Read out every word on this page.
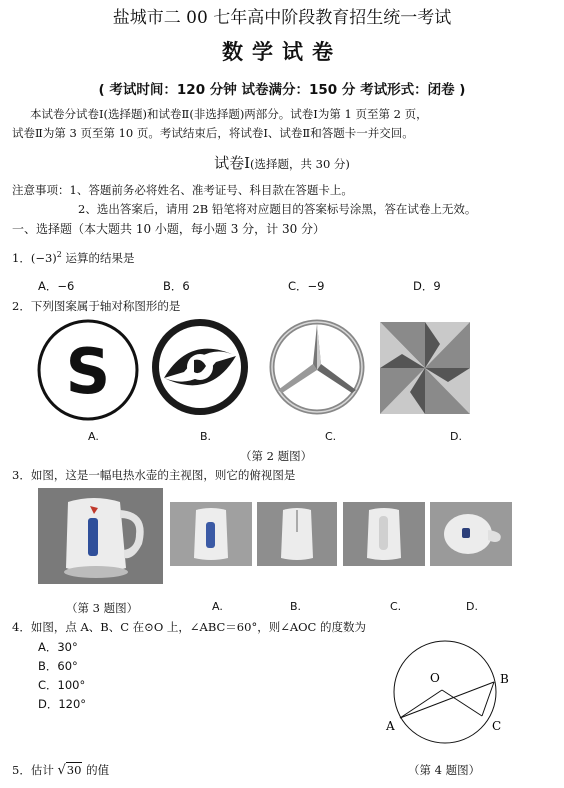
盐城市二 00 七年高中阶段教育招生统一考试
数学试卷
( 考试时间：120 分钟 试卷满分：150 分 考试形式：闭卷 )
本试卷分试卷Ⅰ(选择题)和试卷Ⅱ(非选择题)两部分。试卷Ⅰ为第 1 页至第 2 页，
试卷Ⅱ为第 3 页至第 10 页。考试结束后，将试卷Ⅰ、试卷Ⅱ和答题卡一并交回。
试卷Ⅰ(选择题，共 30 分)
注意事项：1、答题前务必将姓名、准考证号、科目款在答题卡上。
2、选出答案后，请用 2B 铅笔将对应题目的答案标号涂黑，答在试卷上无效。
一、选择题（本大题共 10 小题，每小题 3 分，计 30 分）
1．$(-3)^2$ 运算的结果是
A．−6	B．6	C．−9	D．9
2．下列图案属于轴对称图形的是
S
A.	B.	C.	D.
（第 2 题图）
3．如图，这是一幅电热水壶的主视图，则它的俯视图是
（第 3 题图）	A.	B.	C.	D.
4．如图，点 A、B、C 在⊙O 上，∠ABC＝60°，则∠AOC 的度数为
A．30°
B．60°
C．100°
D．120°
O	B
A	C
5．估计 √30 的值	（第 4 题图）
